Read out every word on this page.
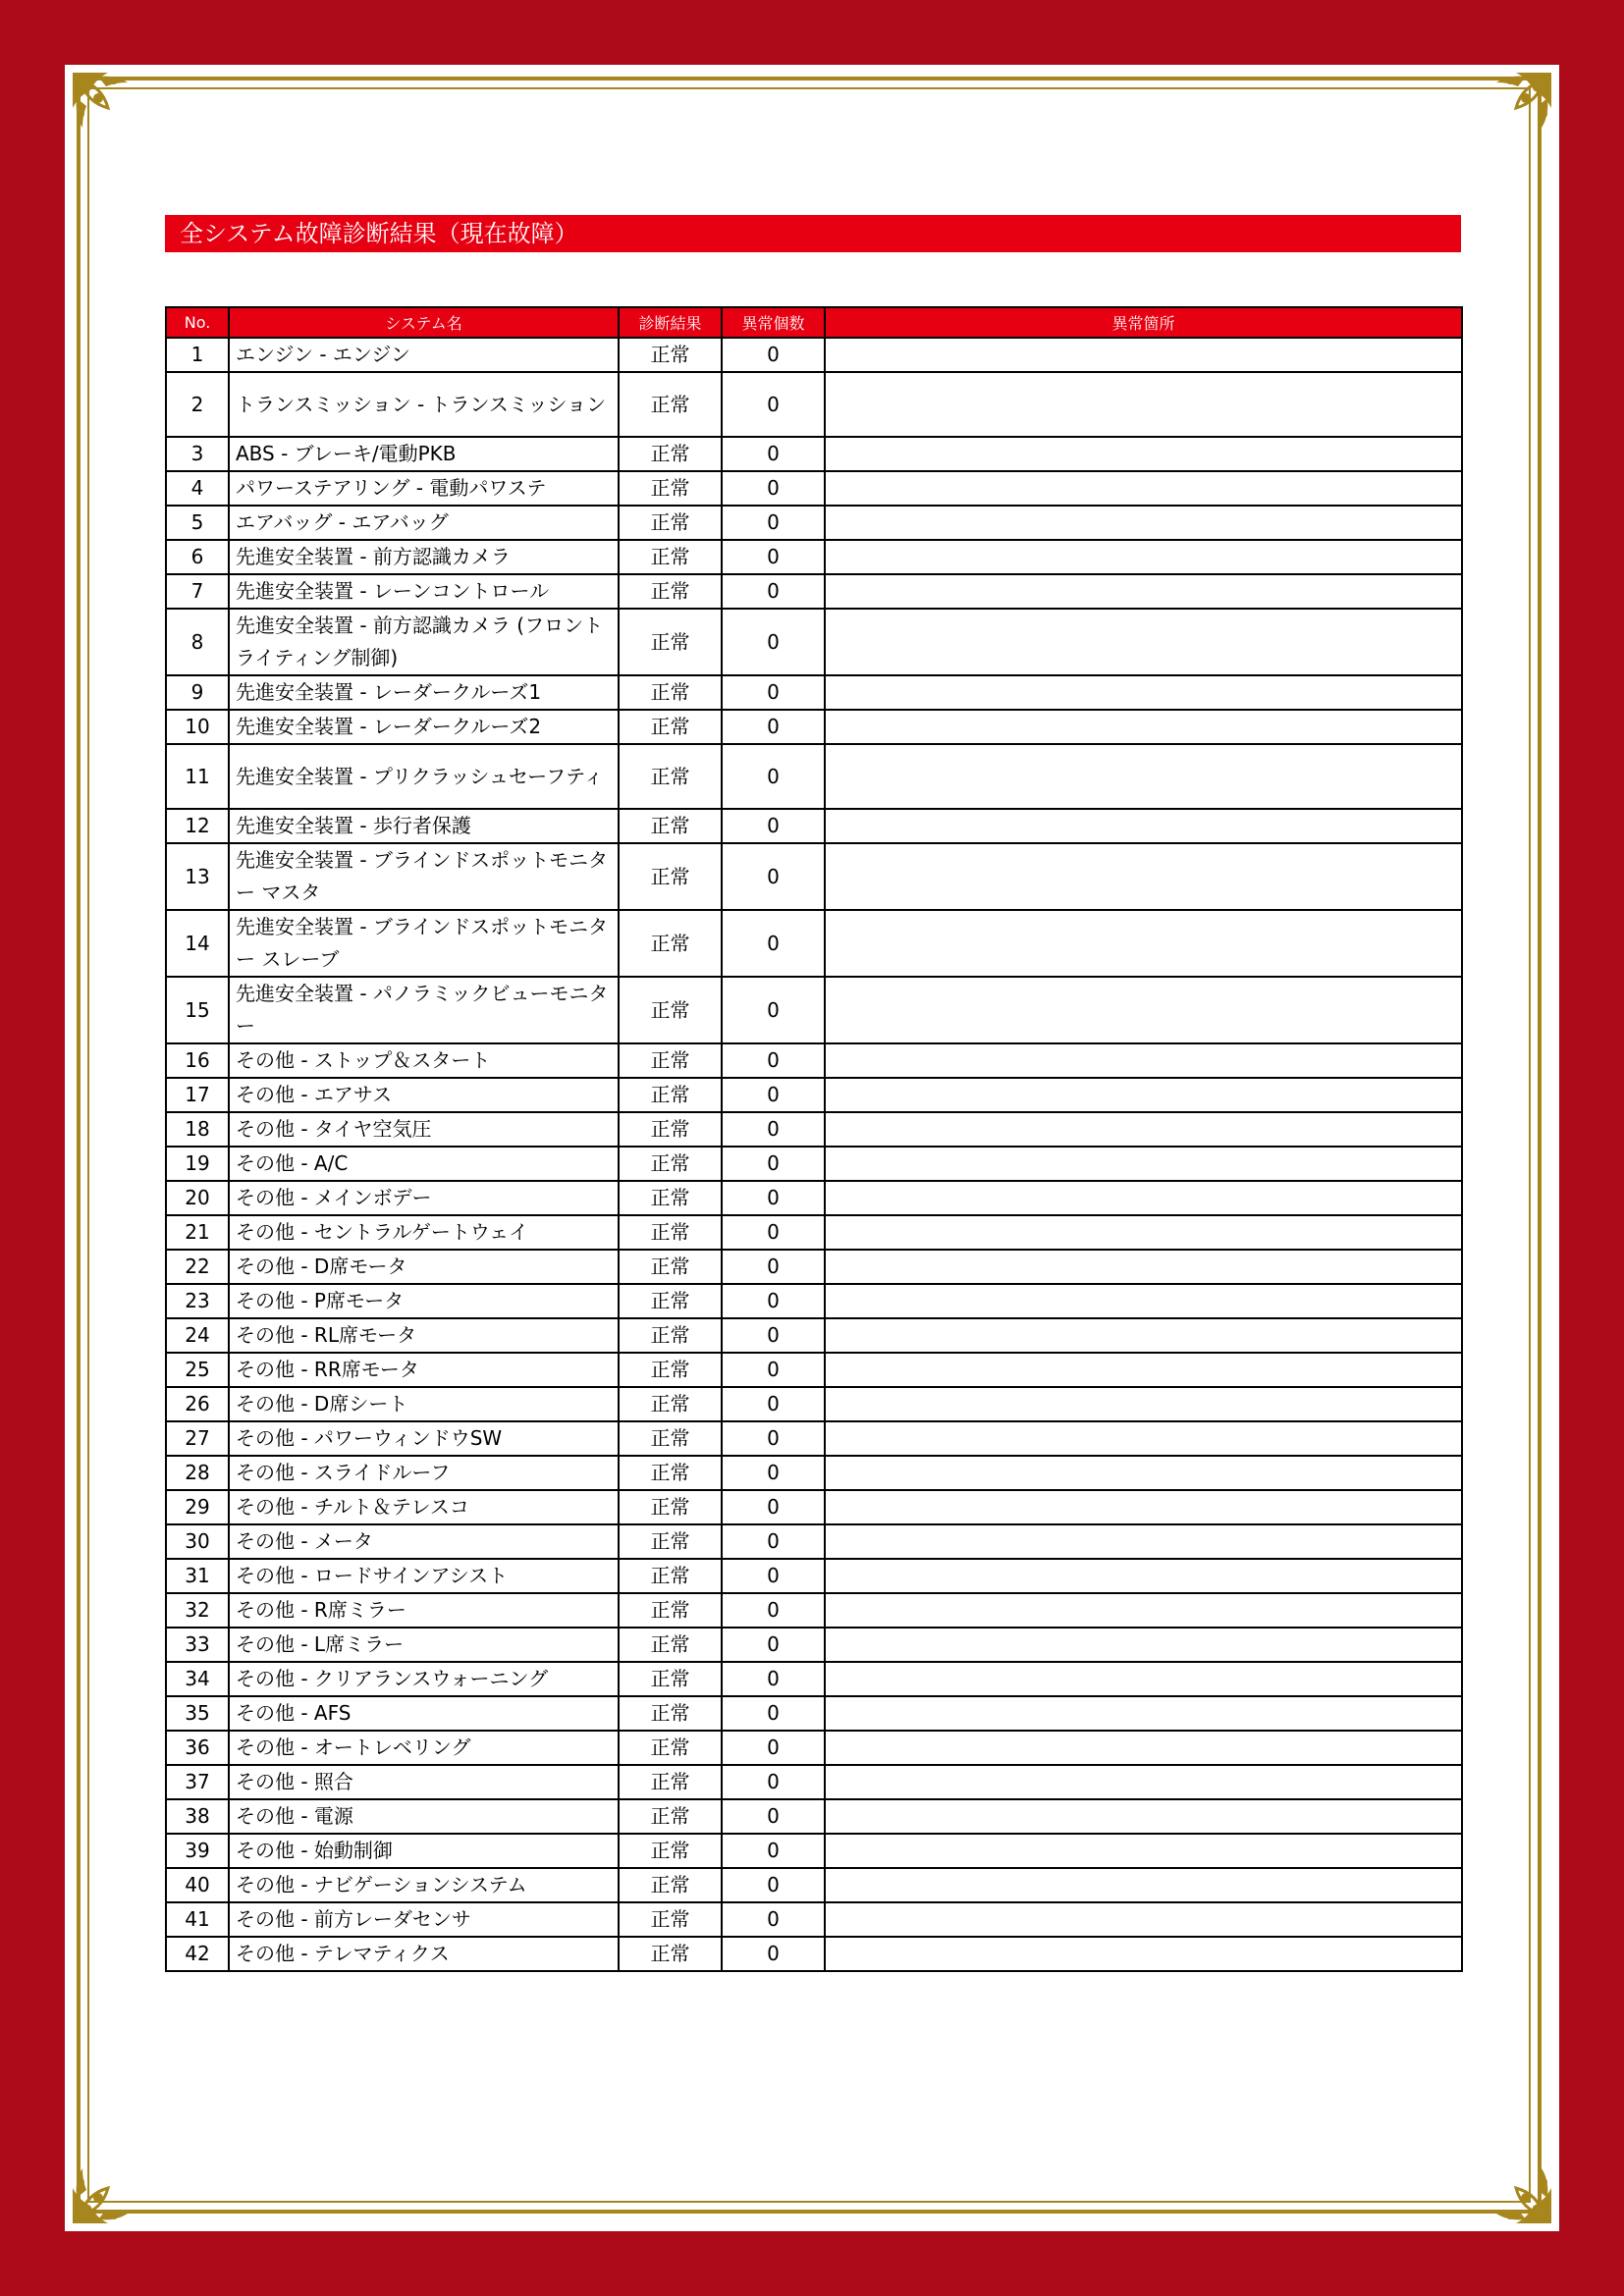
全システム故障診断結果（現在故障）
No.	システム名	診断結果	異常個数	異常箇所
1	エンジン - エンジン	正常	0	
2	トランスミッション - トランスミッション	正常	0	
3	ABS - ブレーキ/電動PKB	正常	0	
4	パワーステアリング - 電動パワステ	正常	0	
5	エアバッグ - エアバッグ	正常	0	
6	先進安全装置 - 前方認識カメラ	正常	0	
7	先進安全装置 - レーンコントロール	正常	0	
8	先進安全装置 - 前方認識カメラ (フロントライティング制御)	正常	0	
9	先進安全装置 - レーダークルーズ1	正常	0	
10	先進安全装置 - レーダークルーズ2	正常	0	
11	先進安全装置 - プリクラッシュセーフティ	正常	0	
12	先進安全装置 - 歩行者保護	正常	0	
13	先進安全装置 - ブラインドスポットモニター マスタ	正常	0	
14	先進安全装置 - ブラインドスポットモニター スレーブ	正常	0	
15	先進安全装置 - パノラミックビューモニター	正常	0	
16	その他 - ストップ＆スタート	正常	0	
17	その他 - エアサス	正常	0	
18	その他 - タイヤ空気圧	正常	0	
19	その他 - A/C	正常	0	
20	その他 - メインボデー	正常	0	
21	その他 - セントラルゲートウェイ	正常	0	
22	その他 - D席モータ	正常	0	
23	その他 - P席モータ	正常	0	
24	その他 - RL席モータ	正常	0	
25	その他 - RR席モータ	正常	0	
26	その他 - D席シート	正常	0	
27	その他 - パワーウィンドウSW	正常	0	
28	その他 - スライドルーフ	正常	0	
29	その他 - チルト＆テレスコ	正常	0	
30	その他 - メータ	正常	0	
31	その他 - ロードサインアシスト	正常	0	
32	その他 - R席ミラー	正常	0	
33	その他 - L席ミラー	正常	0	
34	その他 - クリアランスウォーニング	正常	0	
35	その他 - AFS	正常	0	
36	その他 - オートレベリング	正常	0	
37	その他 - 照合	正常	0	
38	その他 - 電源	正常	0	
39	その他 - 始動制御	正常	0	
40	その他 - ナビゲーションシステム	正常	0	
41	その他 - 前方レーダセンサ	正常	0	
42	その他 - テレマティクス	正常	0	
